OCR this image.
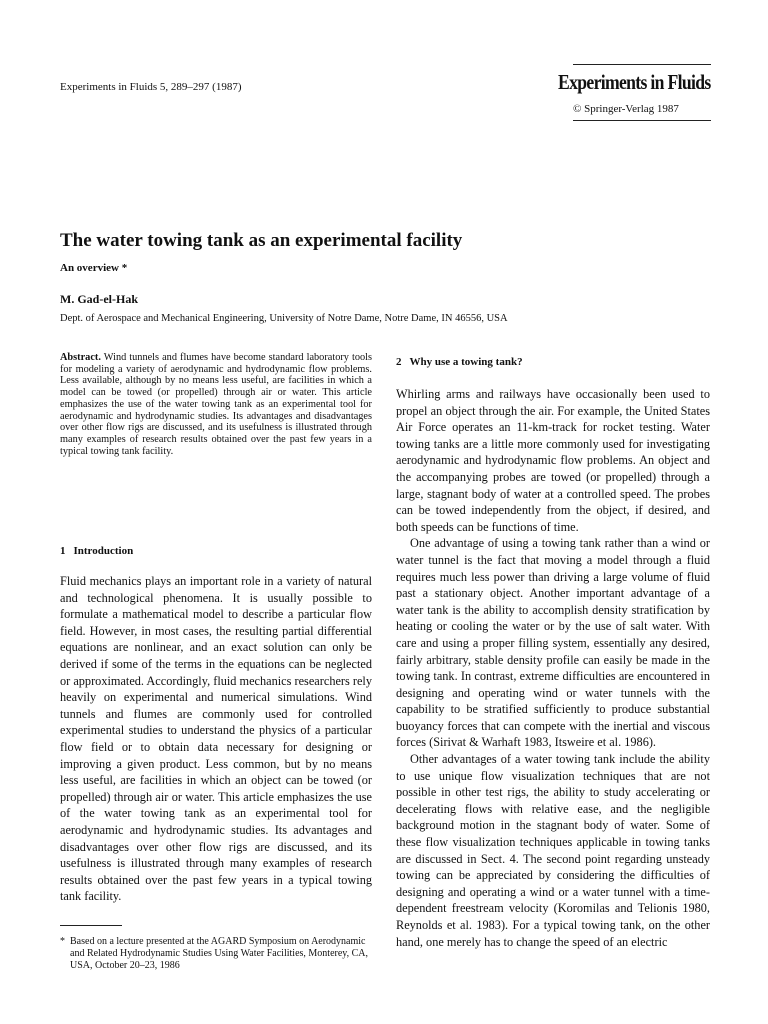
Experiments in Fluids 5, 289–297 (1987)	Experiments in Fluids
© Springer-Verlag 1987
The water towing tank as an experimental facility
An overview *
M. Gad-el-Hak
Dept. of Aerospace and Mechanical Engineering, University of Notre Dame, Notre Dame, IN 46556, USA
Abstract. Wind tunnels and flumes have become standard laboratory tools for modeling a variety of aerodynamic and hydrodynamic flow problems. Less available, although by no means less useful, are facilities in which a model can be towed (or propelled) through air or water. This article emphasizes the use of the water towing tank as an experimental tool for aerodynamic and hydrodynamic studies. Its advantages and disadvantages over other flow rigs are discussed, and its usefulness is illustrated through many examples of research results obtained over the past few years in a typical towing tank facility.
1 Introduction

Fluid mechanics plays an important role in a variety of natural and technological phenomena. It is usually possible to formulate a mathematical model to describe a particular flow field. However, in most cases, the resulting partial differential equations are nonlinear, and an exact solution can only be derived if some of the terms in the equations can be neglected or approximated. Accordingly, fluid mechanics researchers rely heavily on experimental and numerical simulations. Wind tunnels and flumes are commonly used for controlled experimental studies to understand the physics of a particular flow field or to obtain data necessary for designing or improving a given product. Less common, but by no means less useful, are facilities in which an object can be towed (or propelled) through air or water. This article emphasizes the use of the water towing tank as an experimental tool for aerodynamic and hydrodynamic studies. Its advantages and disadvantages over other flow rigs are discussed, and its usefulness is illustrated through many examples of research results obtained over the past few years in a typical towing tank facility.

* Based on a lecture presented at the AGARD Symposium on Aerodynamic and Related Hydrodynamic Studies Using Water Facilities, Monterey, CA, USA, October 20–23, 1986
2 Why use a towing tank?

Whirling arms and railways have occasionally been used to propel an object through the air. For example, the United States Air Force operates an 11-km-track for rocket testing. Water towing tanks are a little more commonly used for investigating aerodynamic and hydrodynamic flow problems. An object and the accompanying probes are towed (or propelled) through a large, stagnant body of water at a controlled speed. The probes can be towed independently from the object, if desired, and both speeds can be functions of time.

One advantage of using a towing tank rather than a wind or water tunnel is the fact that moving a model through a fluid requires much less power than driving a large volume of fluid past a stationary object. Another important advantage of a water tank is the ability to accomplish density stratification by heating or cooling the water or by the use of salt water. With care and using a proper filling system, essentially any desired, fairly arbitrary, stable density profile can easily be made in the towing tank. In contrast, extreme difficulties are encountered in designing and operating wind or water tunnels with the capability to be stratified sufficiently to produce substantial buoyancy forces that can compete with the inertial and viscous forces (Sirivat & Warhaft 1983, Itsweire et al. 1986).

Other advantages of a water towing tank include the ability to use unique flow visualization techniques that are not possible in other test rigs, the ability to study accelerating or decelerating flows with relative ease, and the negligible background motion in the stagnant body of water. Some of these flow visualization techniques applicable in towing tanks are discussed in Sect. 4. The second point regarding unsteady towing can be appreciated by considering the difficulties of designing and operating a wind or a water tunnel with a time-dependent freestream velocity (Koromilas and Telionis 1980, Reynolds et al. 1983). For a typical towing tank, on the other hand, one merely has to change the speed of an electric
